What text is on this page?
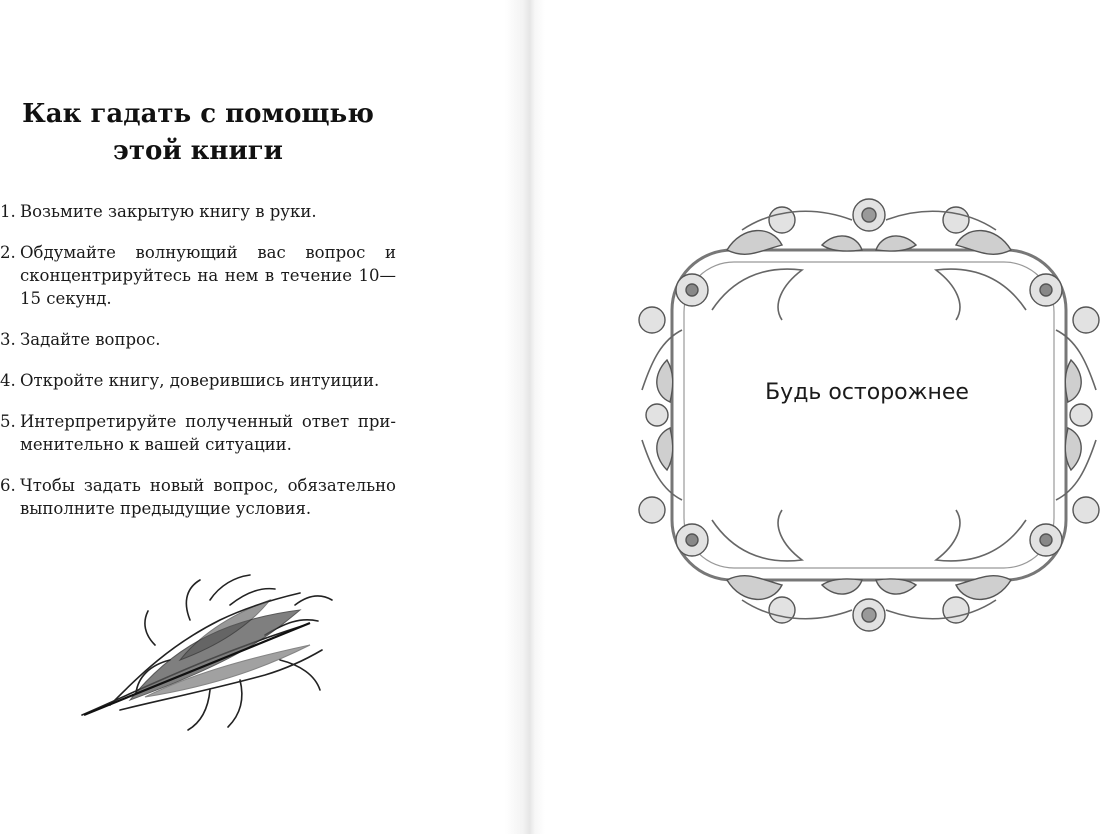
Как гадать с помощью
этой книги
1. Возьмите закрытую книгу в руки.
2. Обдумайте волнующий вас вопрос и сконцентрируйтесь на нем в течение 10—15 секунд.
3. Задайте вопрос.
4. Откройте книгу, доверившись интуиции.
5. Интерпретируйте полученный ответ применительно к вашей ситуации.
6. Чтобы задать новый вопрос, обязательно выполните предыдущие условия.
Будь осторожнее
